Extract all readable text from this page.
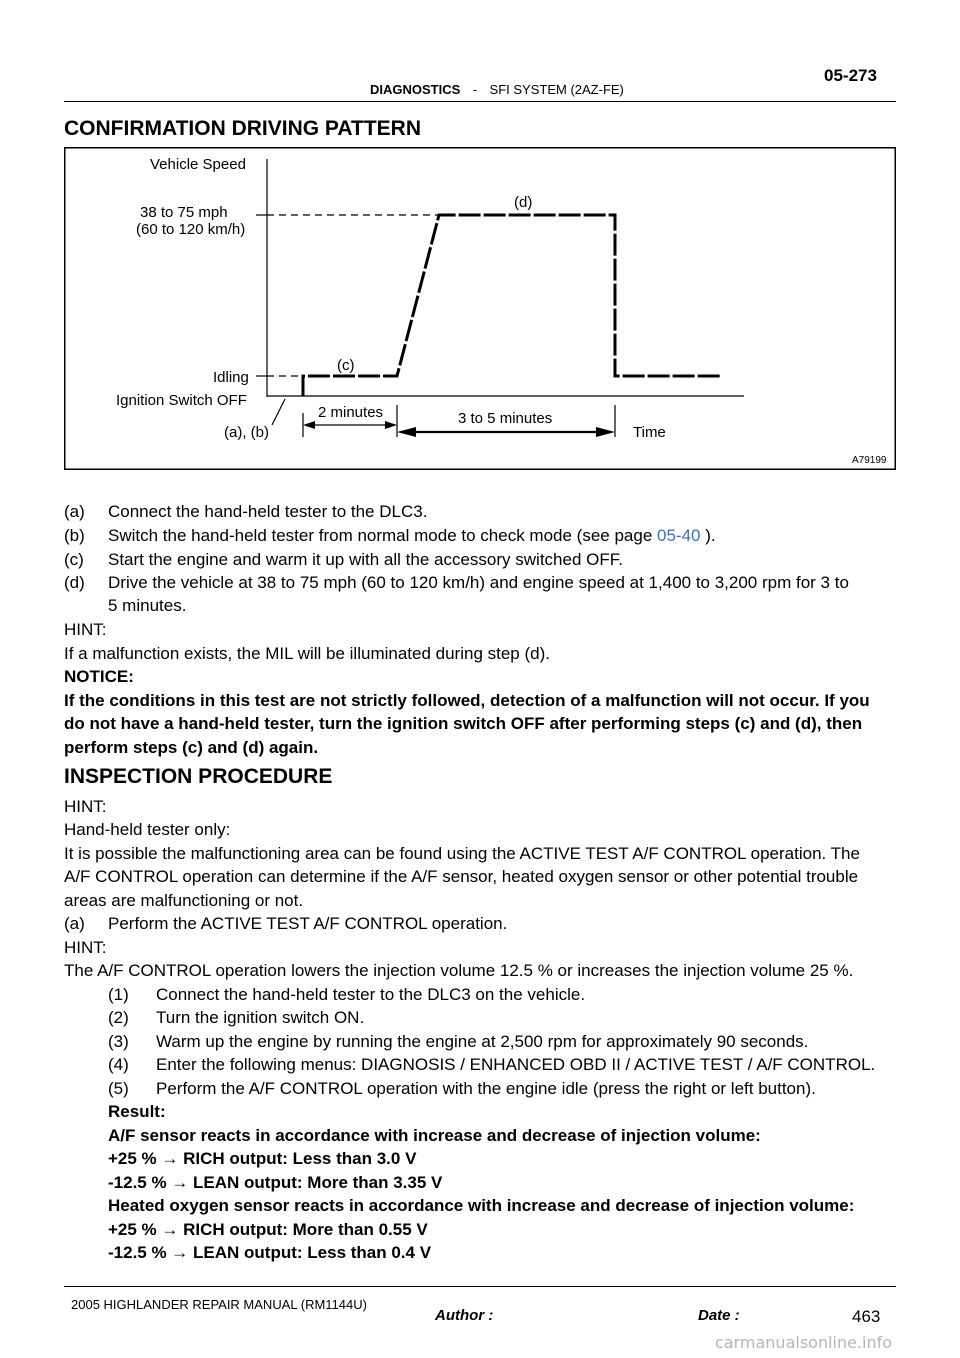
05-273
DIAGNOSTICS - SFI SYSTEM (2AZ-FE)
CONFIRMATION DRIVING PATTERN
Vehicle Speed
38 to 75 mph
(60 to 120 km/h)
(d)
(c)
Idling
Ignition Switch OFF
(a), (b)
2 minutes	3 to 5 minutes
Time
A79199
(a) Connect the hand-held tester to the DLC3.
(b) Switch the hand-held tester from normal mode to check mode (see page 05-40 ).
(c) Start the engine and warm it up with all the accessory switched OFF.
(d) Drive the vehicle at 38 to 75 mph (60 to 120 km/h) and engine speed at 1,400 to 3,200 rpm for 3 to
5 minutes.
HINT:
If a malfunction exists, the MIL will be illuminated during step (d).
NOTICE:
If the conditions in this test are not strictly followed, detection of a malfunction will not occur. If you
do not have a hand-held tester, turn the ignition switch OFF after performing steps (c) and (d), then
perform steps (c) and (d) again.
INSPECTION PROCEDURE
HINT:
Hand-held tester only:
It is possible the malfunctioning area can be found using the ACTIVE TEST A/F CONTROL operation. The
A/F CONTROL operation can determine if the A/F sensor, heated oxygen sensor or other potential trouble
areas are malfunctioning or not.
(a) Perform the ACTIVE TEST A/F CONTROL operation.
HINT:
The A/F CONTROL operation lowers the injection volume 12.5 % or increases the injection volume 25 %.
(1) Connect the hand-held tester to the DLC3 on the vehicle.
(2) Turn the ignition switch ON.
(3) Warm up the engine by running the engine at 2,500 rpm for approximately 90 seconds.
(4) Enter the following menus: DIAGNOSIS / ENHANCED OBD II / ACTIVE TEST / A/F CONTROL.
(5) Perform the A/F CONTROL operation with the engine idle (press the right or left button).
Result:
A/F sensor reacts in accordance with increase and decrease of injection volume:
+25 % → RICH output: Less than 3.0 V
-12.5 % → LEAN output: More than 3.35 V
Heated oxygen sensor reacts in accordance with increase and decrease of injection volume:
+25 % → RICH output: More than 0.55 V
-12.5 % → LEAN output: Less than 0.4 V
2005 HIGHLANDER REPAIR MANUAL (RM1144U)
Author :	Date :	463
carmanualsonline.info
